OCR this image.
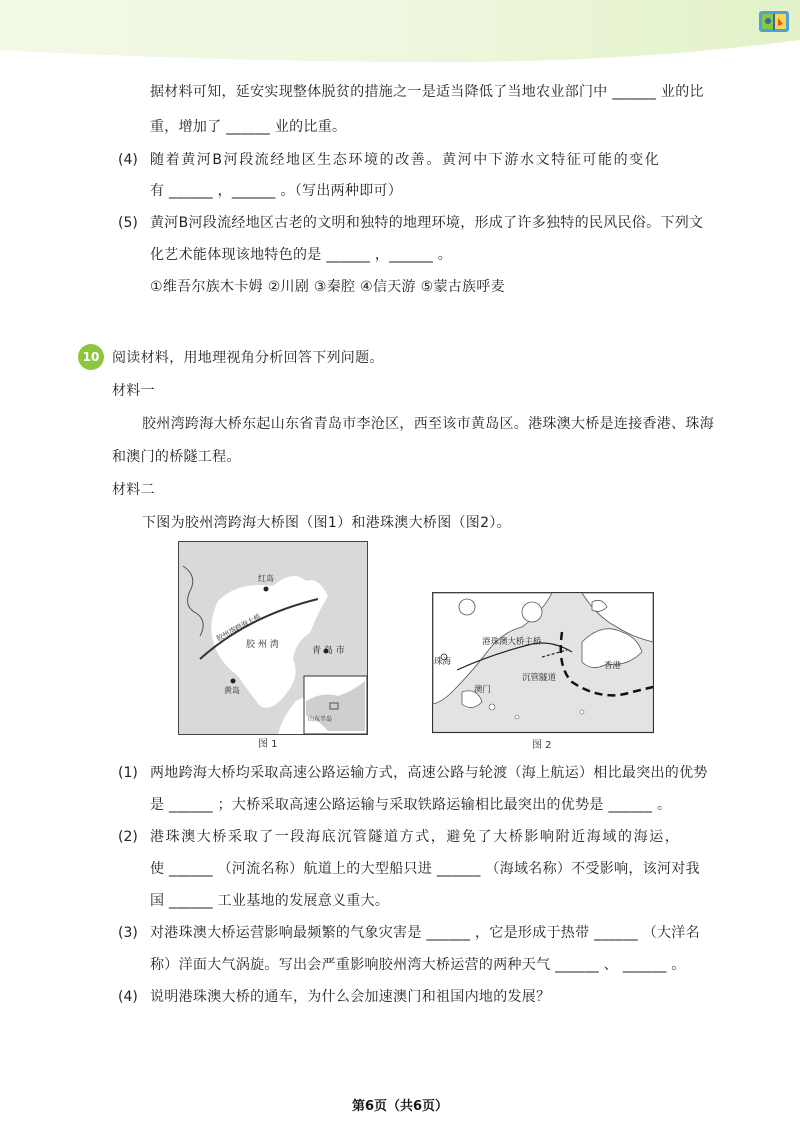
据材料可知，延安实现整体脱贫的措施之一是适当降低了当地农业部门中 ______ 业的比
重，增加了 ______ 业的比重。
(4) 随着黄河B河段流经地区生态环境的改善。黄河中下游水文特征可能的变化
有 ______ ，______ 。（写出两种即可）
(5) 黄河B河段流经地区古老的文明和独特的地理环境，形成了许多独特的民风民俗。下列文
化艺术能体现该地特色的是 ______ ，______ 。
①维吾尔族木卡姆 ②川剧 ③秦腔 ④信天游 ⑤蒙古族呼麦
10 阅读材料，用地理视角分析回答下列问题。
材料一
胶州湾跨海大桥东起山东省青岛市李沧区，西至该市黄岛区。港珠澳大桥是连接香港、珠海
和澳门的桥隧工程。
材料二
下图为胶州湾跨海大桥图（图1）和港珠澳大桥图（图2）。
红岛
胶州湾跨海大桥
胶 州 湾
青 岛 市
黄岛
山东半岛
图 1
港珠澳大桥主桥
珠海	香港
沉管隧道
澳门
图 2
(1) 两地跨海大桥均采取高速公路运输方式，高速公路与轮渡（海上航运）相比最突出的优势
是 ______ ；大桥采取高速公路运输与采取铁路运输相比最突出的优势是 ______ 。
(2) 港珠澳大桥采取了一段海底沉管隧道方式，避免了大桥影响附近海域的海运，
使 ______ （河流名称）航道上的大型船只进 ______ （海域名称）不受影响，该河对我
国 ______ 工业基地的发展意义重大。
(3) 对港珠澳大桥运营影响最频繁的气象灾害是 ______ ，它是形成于热带 ______ （大洋名
称）洋面大气涡旋。写出会严重影响胶州湾大桥运营的两种天气 ______ 、 ______ 。
(4) 说明港珠澳大桥的通车，为什么会加速澳门和祖国内地的发展？
第6页（共6页）
